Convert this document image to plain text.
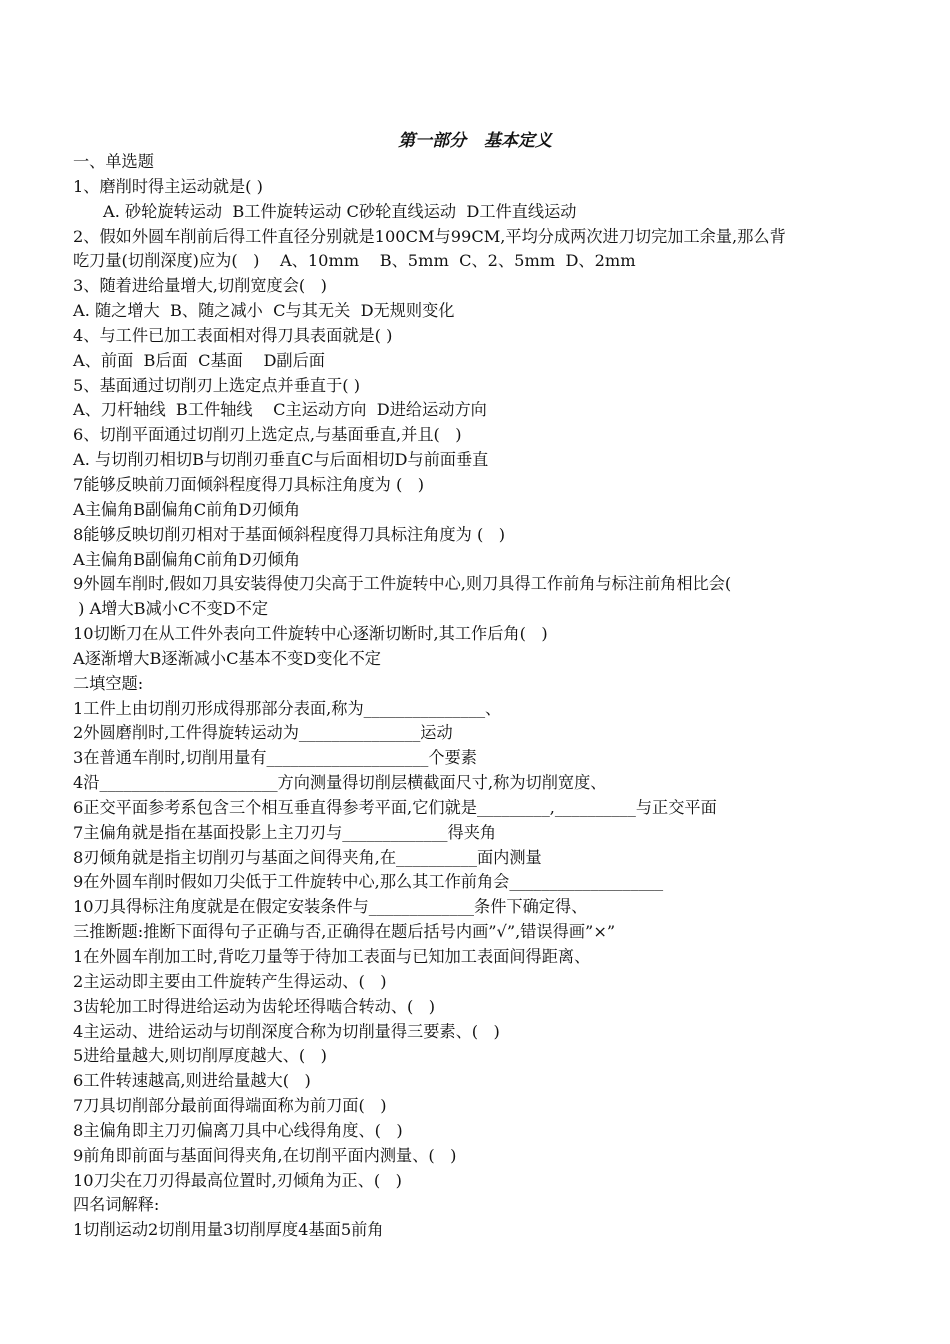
第一部分   基本定义
一、单选题
1、磨削时得主运动就是( )
A. 砂轮旋转运动  B工件旋转运动 C砂轮直线运动  D工件直线运动
2、假如外圆车削前后得工件直径分别就是100CM与99CM,平均分成两次进刀切完加工余量,那么背
吃刀量(切削深度)应为(   )    A、10mm    B、5mm  C、2、5mm  D、2mm
3、随着进给量增大,切削宽度会(   )
A. 随之增大  B、随之减小  C与其无关  D无规则变化
4、与工件已加工表面相对得刀具表面就是( )
A、前面  B后面  C基面    D副后面
5、基面通过切削刃上选定点并垂直于( )
A、刀杆轴线  B工件轴线    C主运动方向  D进给运动方向
6、切削平面通过切削刃上选定点,与基面垂直,并且(   )
A. 与切削刃相切B与切削刃垂直C与后面相切D与前面垂直
7能够反映前刀面倾斜程度得刀具标注角度为 (   )
A主偏角B副偏角C前角D刃倾角
8能够反映切削刃相对于基面倾斜程度得刀具标注角度为 (   )
A主偏角B副偏角C前角D刃倾角
9外圆车削时,假如刀具安装得使刀尖高于工件旋转中心,则刀具得工作前角与标注前角相比会(
) A增大B减小C不变D不定
10切断刀在从工件外表向工件旋转中心逐渐切断时,其工作后角(   )
A逐渐增大B逐渐减小C基本不变D变化不定
二填空题:
1工件上由切削刃形成得那部分表面,称为_______________、
2外圆磨削时,工件得旋转运动为_______________运动
3在普通车削时,切削用量有____________________个要素
4沿______________________方向测量得切削层横截面尺寸,称为切削宽度、
6正交平面参考系包含三个相互垂直得参考平面,它们就是_________,__________与正交平面
7主偏角就是指在基面投影上主刀刃与_____________得夹角
8刃倾角就是指主切削刃与基面之间得夹角,在__________面内测量
9在外圆车削时假如刀尖低于工件旋转中心,那么其工作前角会___________________
10刀具得标注角度就是在假定安装条件与_____________条件下确定得、
三推断题:推断下面得句子正确与否,正确得在题后括号内画”√”,错误得画”×”
1在外圆车削加工时,背吃刀量等于待加工表面与已知加工表面间得距离、
2主运动即主要由工件旋转产生得运动、(   )
3齿轮加工时得进给运动为齿轮坯得啮合转动、(   )
4主运动、进给运动与切削深度合称为切削量得三要素、(   )
5进给量越大,则切削厚度越大、(   )
6工件转速越高,则进给量越大(   )
7刀具切削部分最前面得端面称为前刀面(   )
8主偏角即主刀刃偏离刀具中心线得角度、(   )
9前角即前面与基面间得夹角,在切削平面内测量、(   )
10刀尖在刀刃得最高位置时,刃倾角为正、(   )
四名词解释:
1切削运动2切削用量3切削厚度4基面5前角
